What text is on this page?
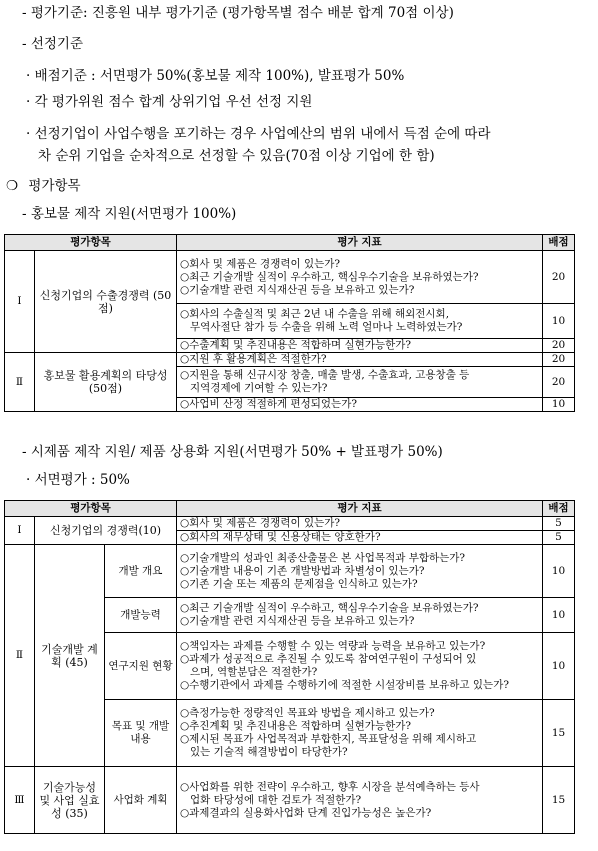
- 평가기준: 진흥원 내부 평가기준 (평가항목별 점수 배분 합계 70점 이상)
- 선정기준
· 배점기준 : 서면평가 50%(홍보물 제작 100%), 발표평가 50%
· 각 평가위원 점수 합계 상위기업 우선 선정 지원
· 선정기업이 사업수행을 포기하는 경우 사업예산의 범위 내에서 득점 순에 따라
차 순위 기업을 순차적으로 선정할 수 있음(70점 이상 기업에 한 함)
❍ 평가항목
- 홍보물 제작 지원(서면평가 100%)
평가항목		평가 지표	배점
Ⅰ	신청기업의 수출경쟁력 (50점)	○회사 및 제품은 경쟁력이 있는가?
○최근 기술개발 실적이 우수하고, 핵심우수기술을 보유하였는가?
○기술개발 관련 지식재산권 등을 보유하고 있는가?	20

		○회사의 수출실적 및 최근 2년 내 수출을 위해 해외전시회,
무역사절단 참가 등 수출을 위해 노력 얼마나 노력하였는가?	10

		○수출계획 및 추진내용은 적합하며 실현가능한가?	20
Ⅱ	홍보물 활용계획의 타당성(50점)	○지원 후 활용계획은 적절한가?	20

		○지원을 통해 신규시장 창출, 매출 발생, 수출효과, 고용창출 등
지역경제에 기여할 수 있는가?	20

		○사업비 산정 적절하게 편성되었는가?	10
- 시제품 제작 지원/ 제품 상용화 지원(서면평가 50% + 발표평가 50%)
· 서면평가 : 50%
평가항목			평가 지표	배점
Ⅰ	신청기업의 경쟁력(10)		○회사 및 제품은 경쟁력이 있는가?	5

			○회사의 재무상태 및 신용상태는 양호한가?	5
Ⅱ	기술개발 계획 (45)	개발 개요	○기술개발의 성과인 최종산출물은 본 사업목적과 부합하는가?
○기술개발 내용이 기존 개발방법과 차별성이 있는가?
○기존 기술 또는 제품의 문제점을 인식하고 있는가?	10
		개발능력	○최근 기술개발 실적이 우수하고, 핵심우수기술을 보유하였는가?
○기술개발 관련 지식재산권 등을 보유하고 있는가?	10
		연구지원 현황	○책임자는 과제를 수행할 수 있는 역량과 능력을 보유하고 있는가?
○과제가 성공적으로 추진될 수 있도록 참여연구원이 구성되어 있
으며, 역할분담은 적절한가?
○수행기관에서 과제를 수행하기에 적절한 시설장비를 보유하고 있는가?	10
		목표 및 개발내용	○측정가능한 정량적인 목표와 방법을 제시하고 있는가?
○추진계획 및 추진내용은 적합하며 실현가능한가?
○제시된 목표가 사업목적과 부합한지, 목표달성을 위해 제시하고
있는 기술적 해결방법이 타당한가?	15
Ⅲ	기술가능성 및 사업 실효성 (35)	사업화 계획	○사업화를 위한 전략이 우수하고, 향후 시장을 분석예측하는 등사
업화 타당성에 대한 검토가 적절한가?
○과제결과의 실용화사업화 단계 진입가능성은 높은가?	15
